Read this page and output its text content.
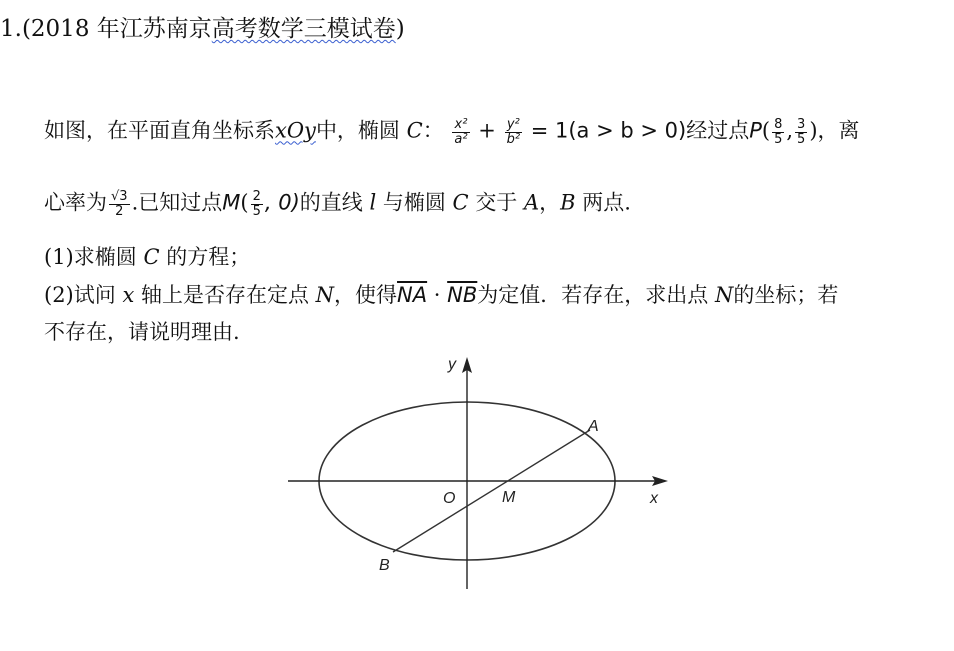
1.(2018 年江苏南京高考数学三模试卷)
如图，在平面直角坐标系xOy中，椭圆 C： $\frac{\text{x²}}{\text{a²}} + \frac{\text{y²}}{\text{b²}} = 1(a > b > 0)$经过点$P( \frac{8}{5}$ , $\frac{3}{5}$ )，离
心率为 $\frac{√3}{2}$ .已知过点$M( \frac{2}{5}$ , 0)的直线 l 与椭圆 C 交于 A，B 两点.
(1)求椭圆 C 的方程；
(2)试问 x 轴上是否存在定点 N，使得$\overline{NA} \cdot \overline{NB}$为定值．若存在，求出点 N的坐标；若
不存在，请说明理由.
y
x
O	M
A
B
